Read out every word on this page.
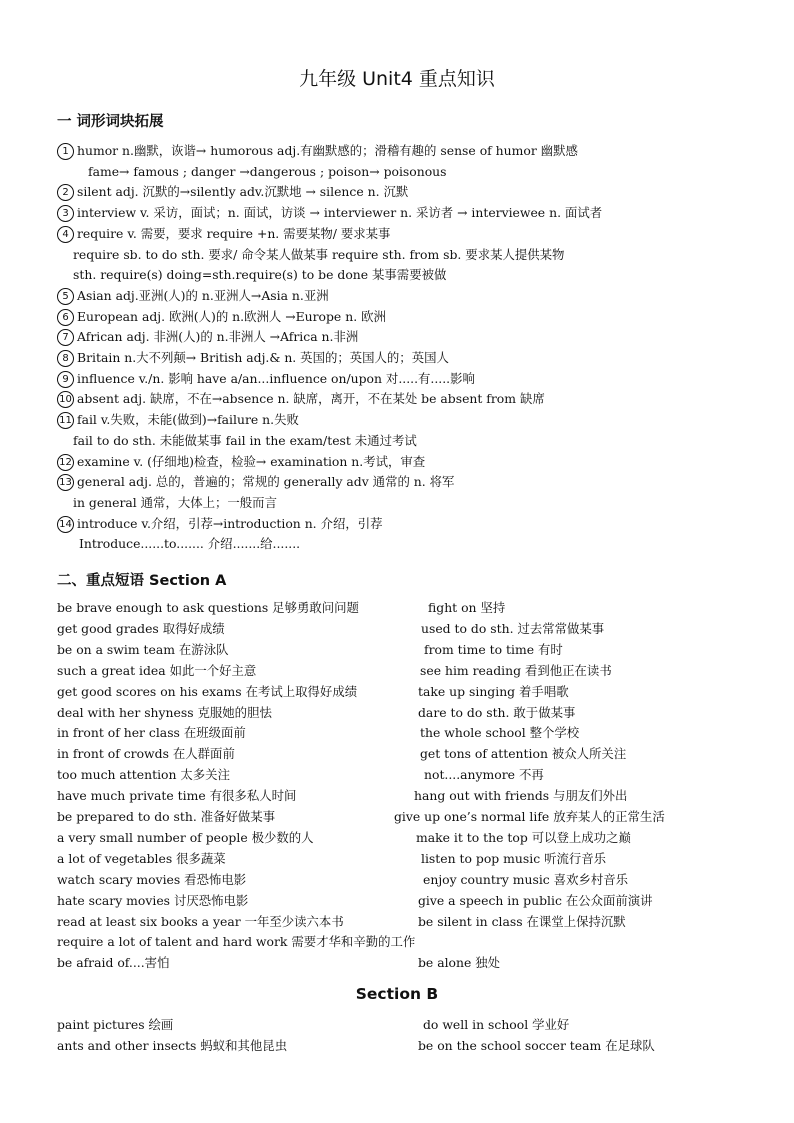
九年级 Unit4 重点知识
一 词形词块拓展
1 humor n.幽默，诙谐→ humorous adj.有幽默感的；滑稽有趣的 sense of humor 幽默感
fame→ famous ; danger →dangerous ; poison→ poisonous
2 silent adj. 沉默的→silently adv.沉默地 → silence n. 沉默
3 interview v. 采访，面试；n. 面试，访谈 → interviewer n. 采访者 → interviewee n. 面试者
4 require v. 需要，要求 require +n. 需要某物/ 要求某事
require sb. to do sth. 要求/ 命令某人做某事 require sth. from sb. 要求某人提供某物
sth. require(s) doing=sth.require(s) to be done 某事需要被做
5 Asian adj.亚洲(人)的 n.亚洲人→Asia n.亚洲
6 European adj. 欧洲(人)的 n.欧洲人 →Europe n. 欧洲
7 African adj. 非洲(人)的 n.非洲人 →Africa n.非洲
8 Britain n.大不列颠→ British adj.& n. 英国的；英国人的；英国人
9 influence v./n. 影响 have a/an...influence on/upon 对.....有.....影响
10 absent adj. 缺席，不在→absence n. 缺席，离开，不在某处 be absent from 缺席
11 fail v.失败，未能(做到)→failure n.失败
fail to do sth. 未能做某事 fail in the exam/test 未通过考试
12 examine v. (仔细地)检查，检验→ examination n.考试，审查
13 general adj. 总的，普遍的；常规的 generally adv 通常的 n. 将军
in general 通常，大体上；一般而言
14 introduce v.介绍，引荐→introduction n. 介绍，引荐
Introduce......to....... 介绍.......给.......
二、重点短语 Section A
be brave enough to ask questions 足够勇敢问问题	fight on 坚持
get good grades 取得好成绩	used to do sth. 过去常常做某事
be on a swim team 在游泳队	from time to time 有时
such a great idea 如此一个好主意	see him reading 看到他正在读书
get good scores on his exams 在考试上取得好成绩	take up singing 着手唱歌
deal with her shyness 克服她的胆怯	dare to do sth. 敢于做某事
in front of her class 在班级面前	the whole school 整个学校
in front of crowds 在人群面前	get tons of attention 被众人所关注
too much attention 太多关注	not....anymore 不再
have much private time 有很多私人时间	hang out with friends 与朋友们外出
be prepared to do sth. 准备好做某事	give up one’s normal life 放弃某人的正常生活
a very small number of people 极少数的人	make it to the top 可以登上成功之巅
a lot of vegetables 很多蔬菜	listen to pop music 听流行音乐
watch scary movies 看恐怖电影	enjoy country music 喜欢乡村音乐
hate scary movies 讨厌恐怖电影	give a speech in public 在公众面前演讲
read at least six books a year 一年至少读六本书	be silent in class 在课堂上保持沉默
require a lot of talent and hard work 需要才华和辛勤的工作
be afraid of....害怕	be alone 独处
Section B
paint pictures 绘画	do well in school 学业好
ants and other insects 蚂蚁和其他昆虫	be on the school soccer team 在足球队
